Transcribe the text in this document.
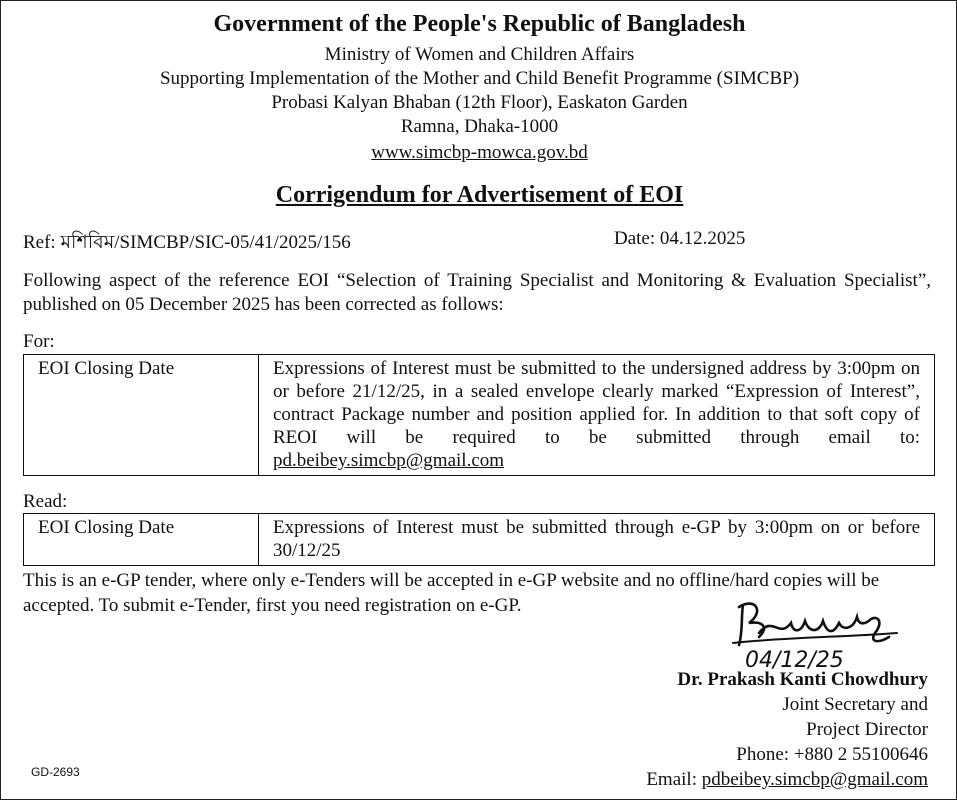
Government of the People's Republic of Bangladesh
Ministry of Women and Children Affairs
Supporting Implementation of the Mother and Child Benefit Programme (SIMCBP)
Probasi Kalyan Bhaban (12th Floor), Easkaton Garden
Ramna, Dhaka-1000
www.simcbp-mowca.gov.bd
Corrigendum for Advertisement of EOI
Ref: মশিবিম/SIMCBP/SIC-05/41/2025/156	Date: 04.12.2025
Following aspect of the reference EOI “Selection of Training Specialist and Monitoring & Evaluation Specialist”, published on 05 December 2025 has been corrected as follows:
For:
EOI Closing Date	Expressions of Interest must be submitted to the undersigned address by 3:00pm on or before 21/12/25, in a sealed envelope clearly marked “Expression of Interest”, contract Package number and position applied for. In addition to that soft copy of REOI will be required to be submitted through email to: pd.beibey.simcbp@gmail.com
Read:
EOI Closing Date	Expressions of Interest must be submitted through e-GP by 3:00pm on or before 30/12/25
This is an e-GP tender, where only e-Tenders will be accepted in e-GP website and no offline/hard copies will be accepted. To submit e-Tender, first you need registration on e-GP.
04/12/25
Dr. Prakash Kanti Chowdhury
Joint Secretary and
Project Director
Phone: +880 2 55100646
Email: pdbeibey.simcbp@gmail.com
GD-2693
